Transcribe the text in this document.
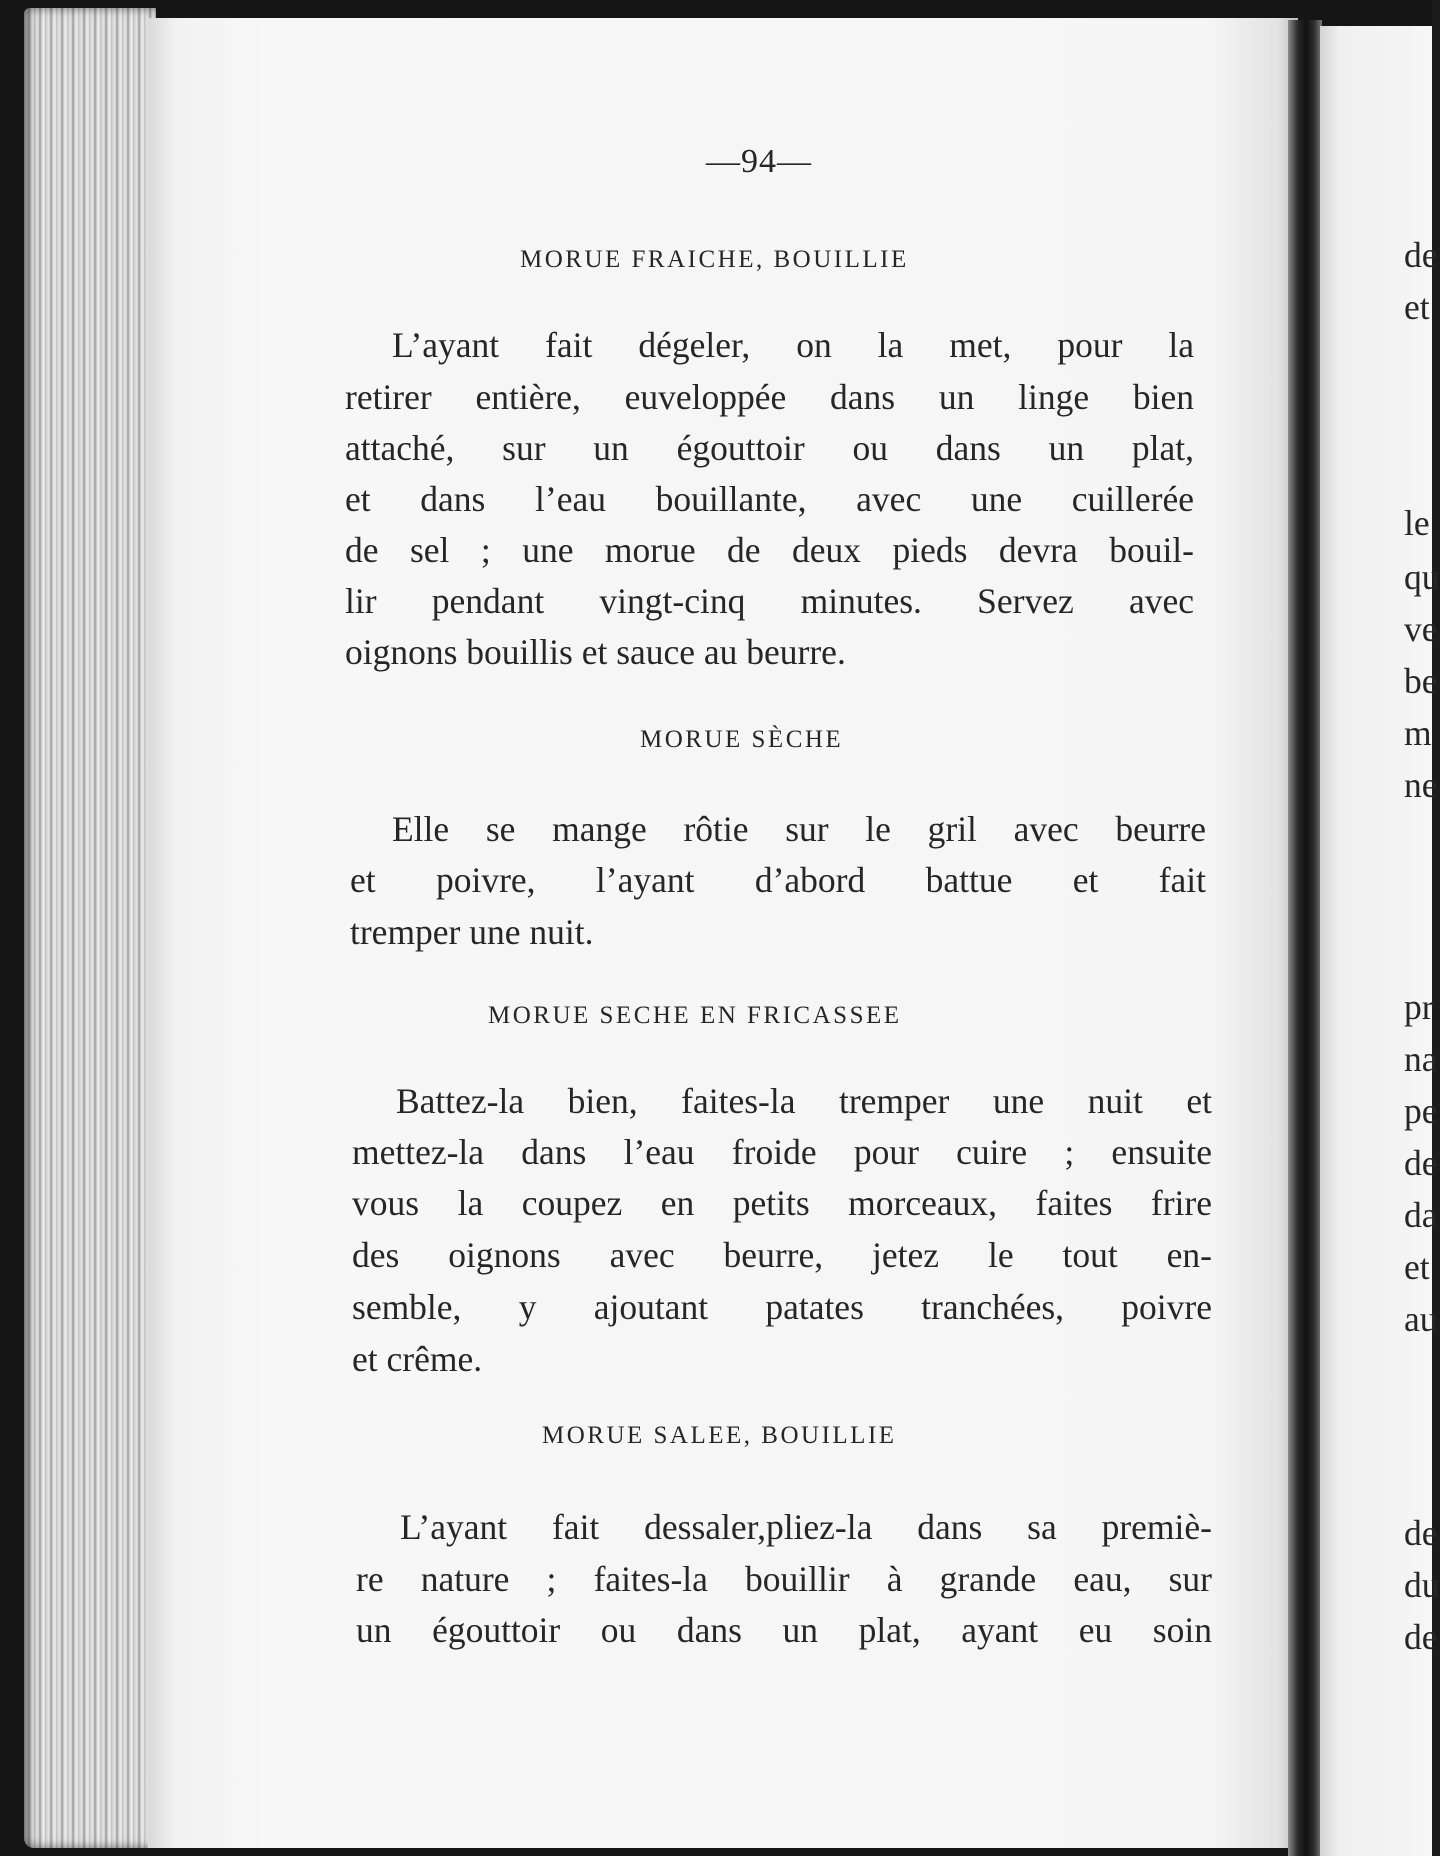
—94—
MORUE FRAICHE, BOUILLIE
L’ayant fait dégeler, on la met, pour la
retirer entière, euveloppée dans un linge bien
attaché, sur un égouttoir ou dans un plat,
et dans l’eau bouillante, avec une cuillerée
de sel ; une morue de deux pieds devra bouil-
lir pendant vingt-cinq minutes. Servez avec
oignons bouillis et sauce au beurre.
MORUE SÈCHE
Elle se mange rôtie sur le gril avec beurre
et poivre, l’ayant d’abord battue et fait
tremper une nuit.
MORUE SECHE EN FRICASSEE
Battez-la bien, faites-la tremper une nuit et
mettez-la dans l’eau froide pour cuire ; ensuite
vous la coupez en petits morceaux, faites frire
des oignons avec beurre, jetez le tout en-
semble, y ajoutant patates tranchées, poivre
et crême.
MORUE SALEE, BOUILLIE
L’ayant fait dessaler,pliez-la dans sa premiè-
re nature ; faites-la bouillir à grande eau, sur
un égouttoir ou dans un plat, ayant eu soin
de
et
le
qu
ve
be
m
ne
pr
na
pe
de
da
et
au
de
du
de
